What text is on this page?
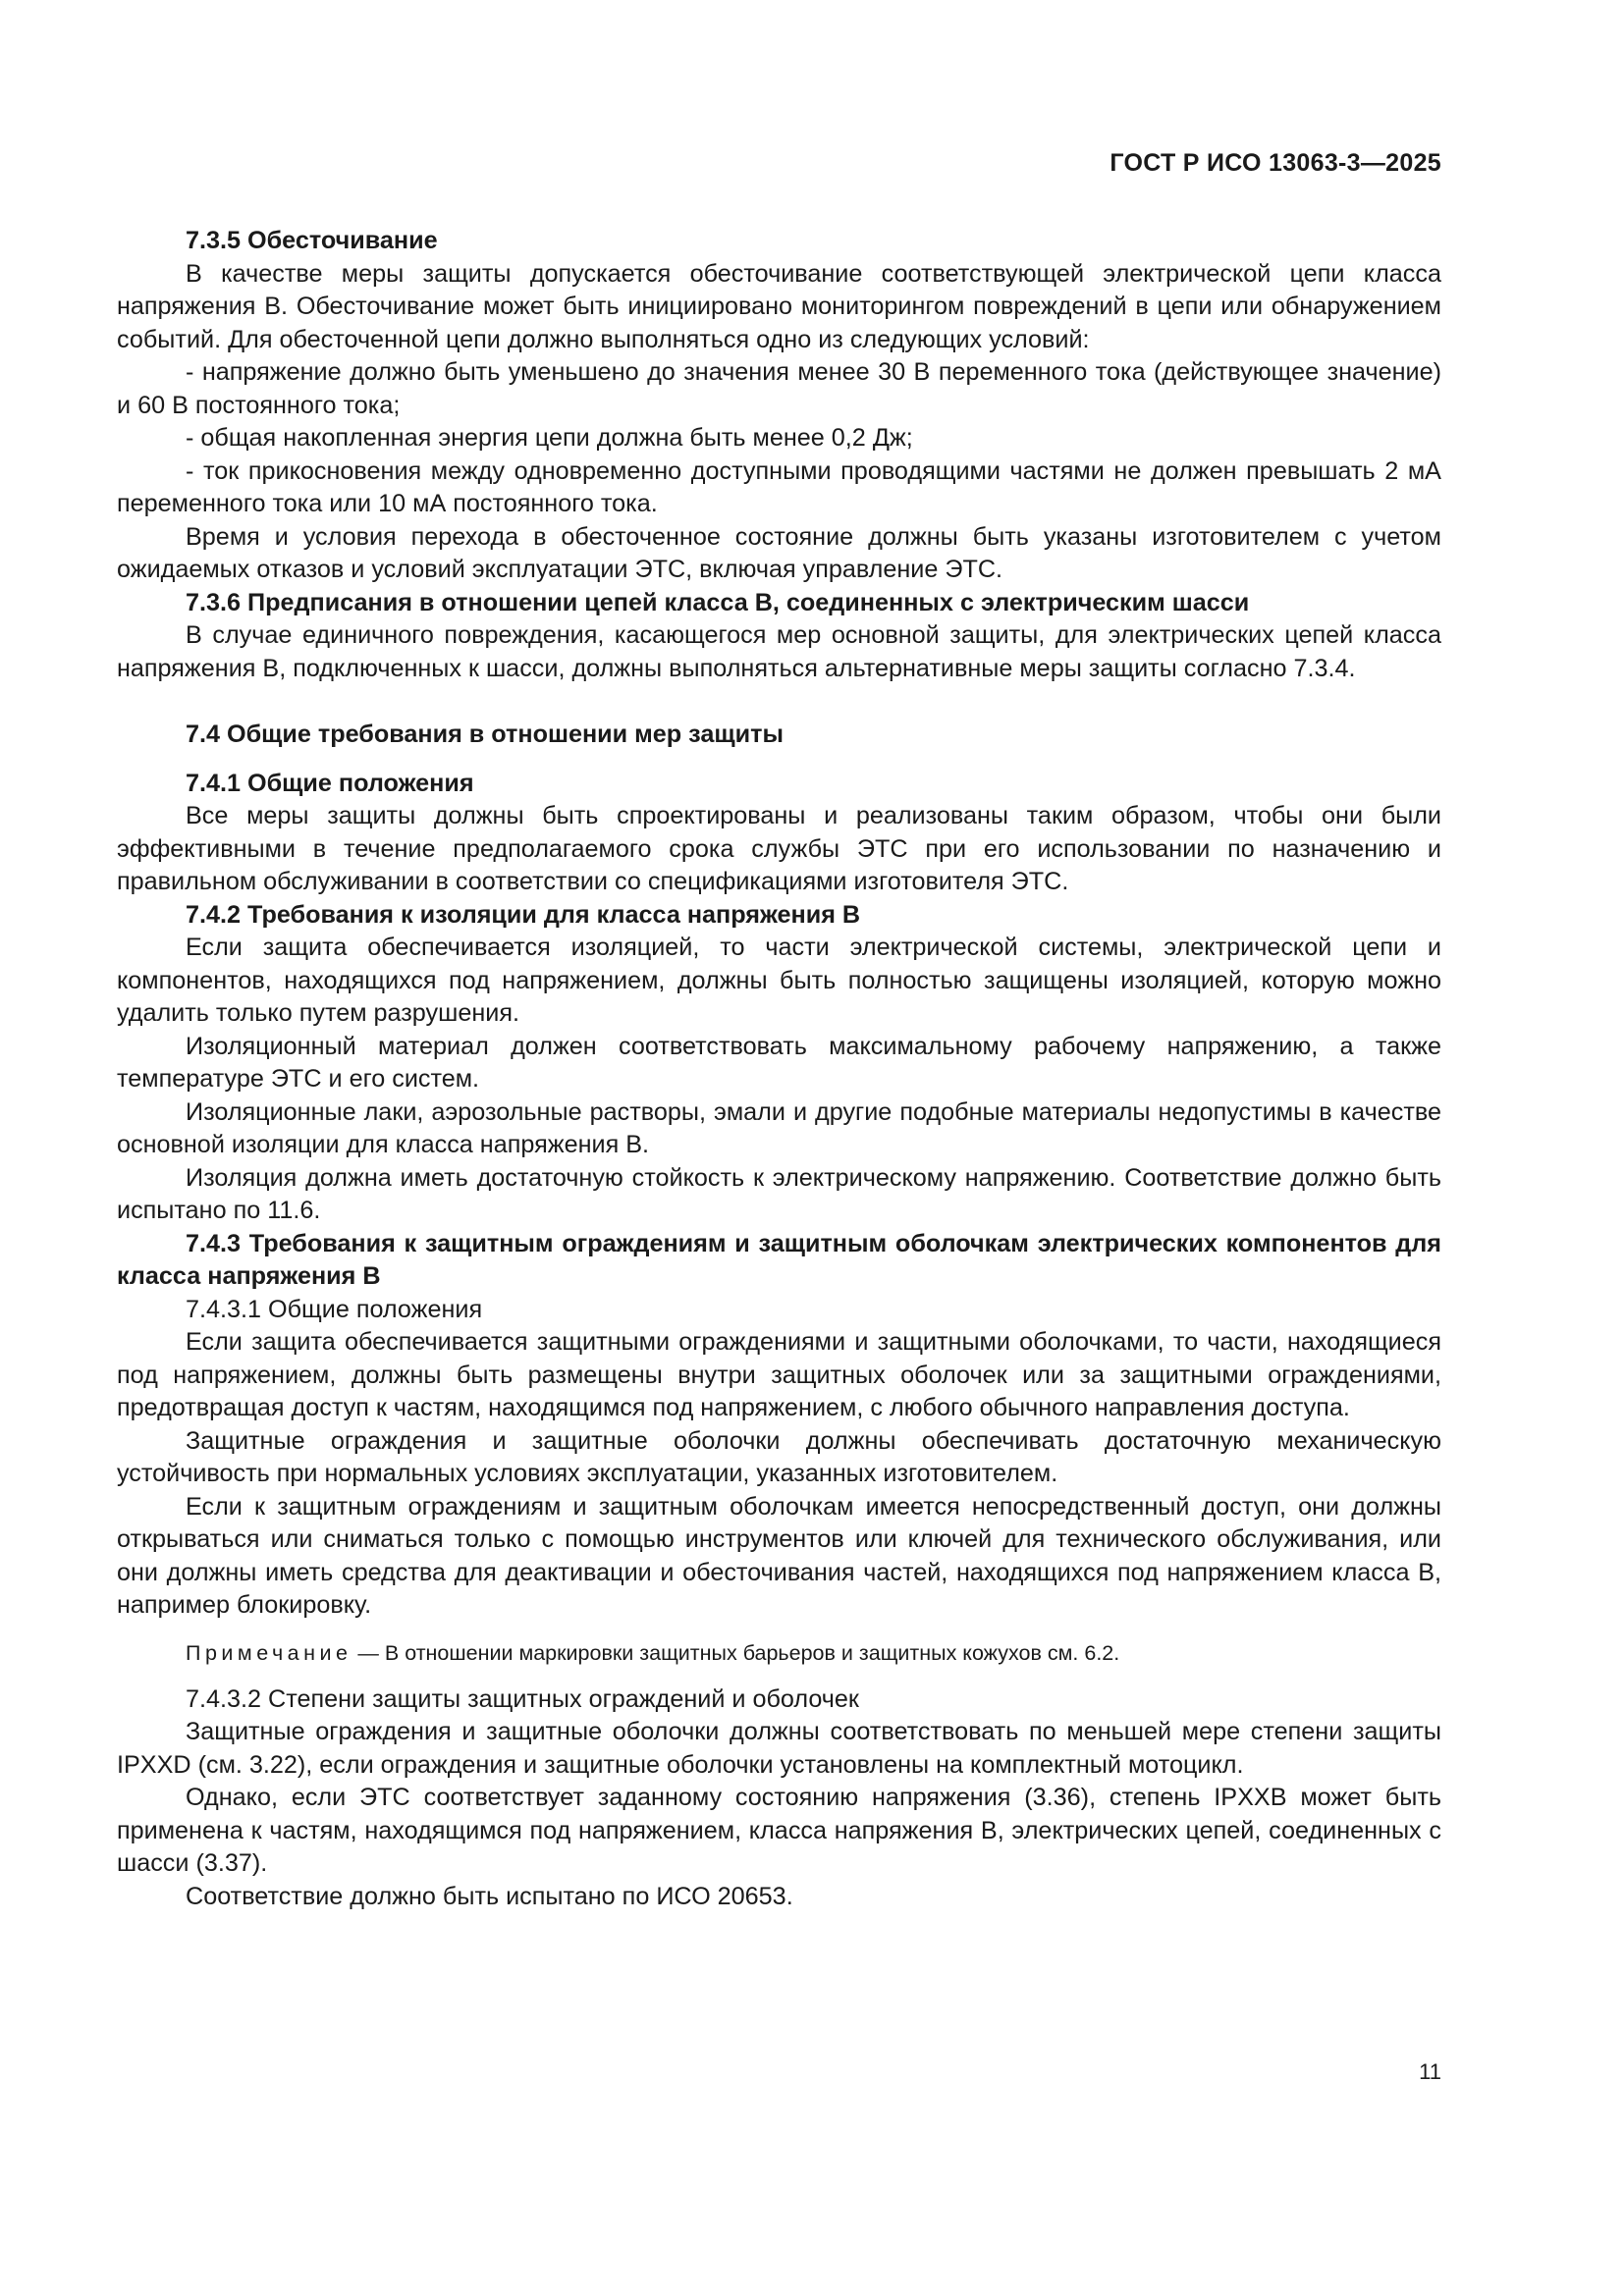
ГОСТ Р ИСО 13063-3—2025

7.3.5 Обесточивание

В качестве меры защиты допускается обесточивание соответствующей электрической цепи класса напряжения В. Обесточивание может быть инициировано мониторингом повреждений в цепи или обнаружением событий. Для обесточенной цепи должно выполняться одно из следующих условий:

- напряжение должно быть уменьшено до значения менее 30 В переменного тока (действующее значение) и 60 В постоянного тока;

- общая накопленная энергия цепи должна быть менее 0,2 Дж;

- ток прикосновения между одновременно доступными проводящими частями не должен превышать 2 мА переменного тока или 10 мА постоянного тока.

Время и условия перехода в обесточенное состояние должны быть указаны изготовителем с учетом ожидаемых отказов и условий эксплуатации ЭТС, включая управление ЭТС.

7.3.6 Предписания в отношении цепей класса В, соединенных с электрическим шасси

В случае единичного повреждения, касающегося мер основной защиты, для электрических цепей класса напряжения В, подключенных к шасси, должны выполняться альтернативные меры защиты согласно 7.3.4.

7.4 Общие требования в отношении мер защиты

7.4.1 Общие положения

Все меры защиты должны быть спроектированы и реализованы таким образом, чтобы они были эффективными в течение предполагаемого срока службы ЭТС при его использовании по назначению и правильном обслуживании в соответствии со спецификациями изготовителя ЭТС.

7.4.2 Требования к изоляции для класса напряжения В

Если защита обеспечивается изоляцией, то части электрической системы, электрической цепи и компонентов, находящихся под напряжением, должны быть полностью защищены изоляцией, которую можно удалить только путем разрушения.

Изоляционный материал должен соответствовать максимальному рабочему напряжению, а также температуре ЭТС и его систем.

Изоляционные лаки, аэрозольные растворы, эмали и другие подобные материалы недопустимы в качестве основной изоляции для класса напряжения В.

Изоляция должна иметь достаточную стойкость к электрическому напряжению. Соответствие должно быть испытано по 11.6.

7.4.3 Требования к защитным ограждениям и защитным оболочкам электрических компонентов для класса напряжения В

7.4.3.1 Общие положения

Если защита обеспечивается защитными ограждениями и защитными оболочками, то части, находящиеся под напряжением, должны быть размещены внутри защитных оболочек или за защитными ограждениями, предотвращая доступ к частям, находящимся под напряжением, с любого обычного направления доступа.

Защитные ограждения и защитные оболочки должны обеспечивать достаточную механическую устойчивость при нормальных условиях эксплуатации, указанных изготовителем.

Если к защитным ограждениям и защитным оболочкам имеется непосредственный доступ, они должны открываться или сниматься только с помощью инструментов или ключей для технического обслуживания, или они должны иметь средства для деактивации и обесточивания частей, находящихся под напряжением класса В, например блокировку.

Примечание — В отношении маркировки защитных барьеров и защитных кожухов см. 6.2.

7.4.3.2 Степени защиты защитных ограждений и оболочек

Защитные ограждения и защитные оболочки должны соответствовать по меньшей мере степени защиты IPXXD (см. 3.22), если ограждения и защитные оболочки установлены на комплектный мотоцикл.

Однако, если ЭТС соответствует заданному состоянию напряжения (3.36), степень IPXXB может быть применена к частям, находящимся под напряжением, класса напряжения В, электрических цепей, соединенных с шасси (3.37).

Соответствие должно быть испытано по ИСО 20653.

11
